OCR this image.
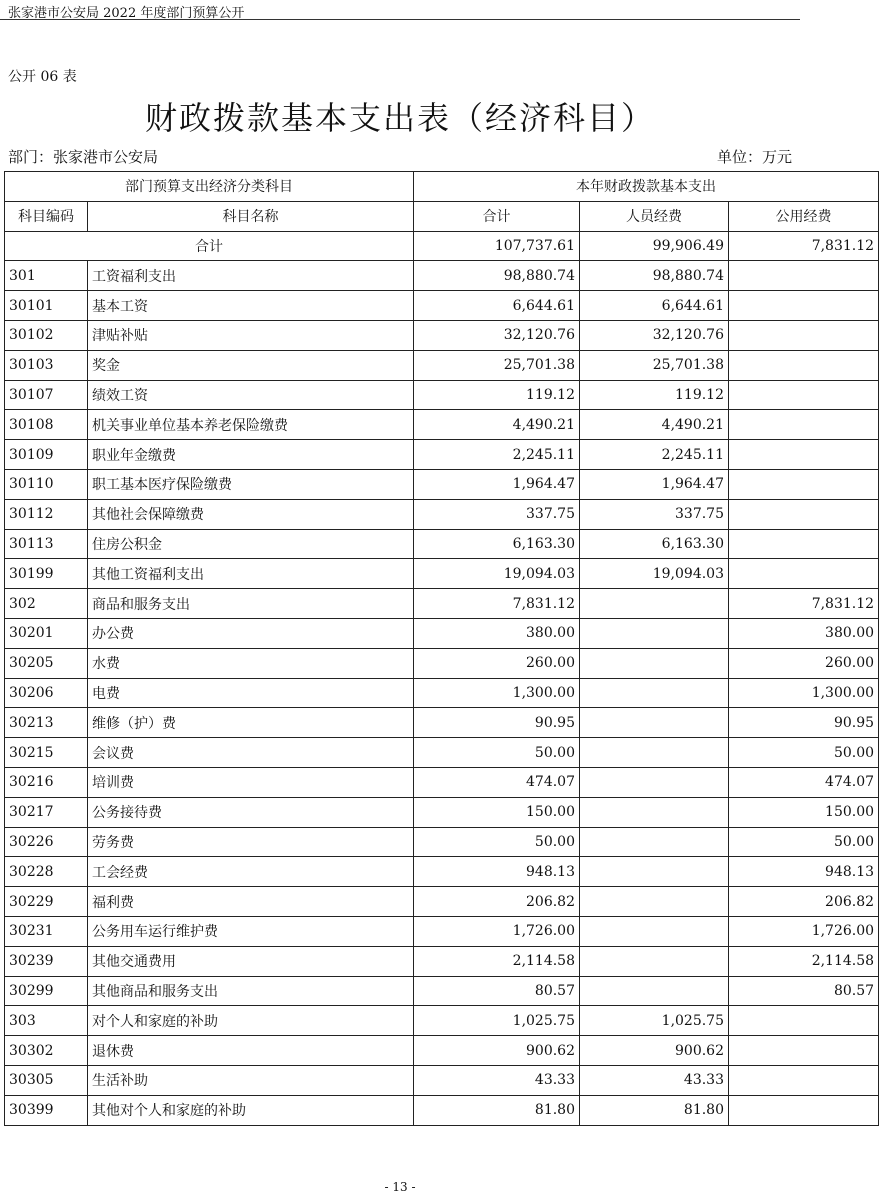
张家港市公安局 2022 年度部门预算公开
公开 06 表
财政拨款基本支出表（经济科目）
部门：张家港市公安局	单位：万元
部门预算支出经济分类科目		本年财政拨款基本支出		
科目编码	科目名称	合计	人员经费	公用经费
合计		107,737.61	99,906.49	7,831.12
301	工资福利支出	98,880.74	98,880.74	
30101	基本工资	6,644.61	6,644.61	
30102	津贴补贴	32,120.76	32,120.76	
30103	奖金	25,701.38	25,701.38	
30107	绩效工资	119.12	119.12	
30108	机关事业单位基本养老保险缴费	4,490.21	4,490.21	
30109	职业年金缴费	2,245.11	2,245.11	
30110	职工基本医疗保险缴费	1,964.47	1,964.47	
30112	其他社会保障缴费	337.75	337.75	
30113	住房公积金	6,163.30	6,163.30	
30199	其他工资福利支出	19,094.03	19,094.03	
302	商品和服务支出	7,831.12		7,831.12
30201	办公费	380.00		380.00
30205	水费	260.00		260.00
30206	电费	1,300.00		1,300.00
30213	维修（护）费	90.95		90.95
30215	会议费	50.00		50.00
30216	培训费	474.07		474.07
30217	公务接待费	150.00		150.00
30226	劳务费	50.00		50.00
30228	工会经费	948.13		948.13
30229	福利费	206.82		206.82
30231	公务用车运行维护费	1,726.00		1,726.00
30239	其他交通费用	2,114.58		2,114.58
30299	其他商品和服务支出	80.57		80.57
303	对个人和家庭的补助	1,025.75	1,025.75	
30302	退休费	900.62	900.62	
30305	生活补助	43.33	43.33	
30399	其他对个人和家庭的补助	81.80	81.80	
- 13 -
